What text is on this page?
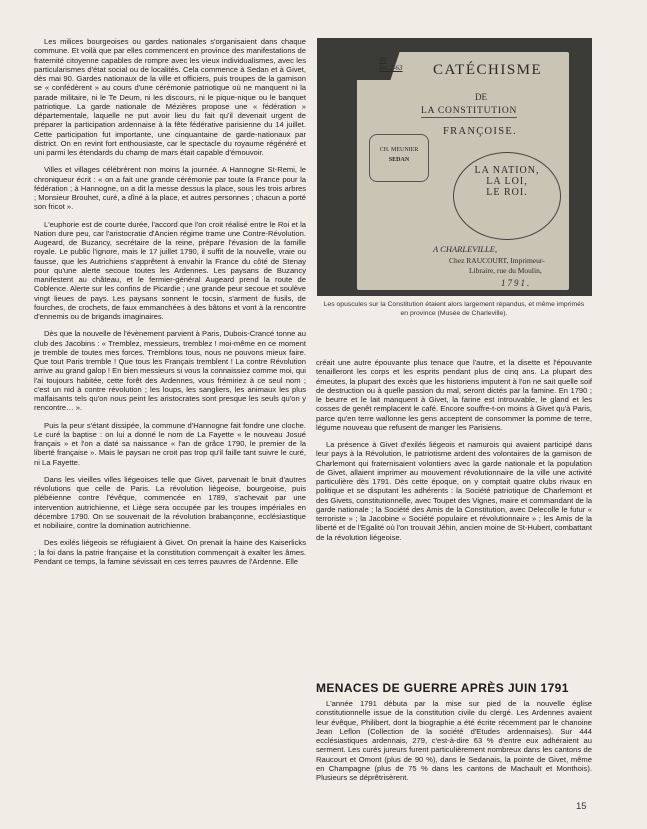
Les milices bourgeoises ou gardes nationales s'organisaient dans chaque commune. Et voilà que par elles commencent en province des manifestations de fraternité citoyenne capables de rompre avec les vieux individualismes, avec les particularismes d'état social ou de localités. Cela commence à Sedan et à Givet, dès mai 90. Gardes nationaux de la ville et officiers, puis troupes de la garnison se « confédèrent » au cours d'une cérémonie patriotique où ne manquent ni la parade militaire, ni le Te Deum, ni les discours, ni le pique-nique ou le banquet patriotique. La garde nationale de Mézières propose une « fédération » départementale, laquelle ne put avoir lieu du fait qu'il devenait urgent de préparer la participation ardennaise à la fête fédérative parisienne du 14 juillet. Cette participation fut importante, une cinquantaine de garde-nationaux par district. On en revint fort enthousiaste, car le spectacle du royaume régénéré et uni parmi les étendards du champ de mars était capable d'émouvoir.

Villes et villages célébrèrent non moins la journée. A Hannogne St-Remi, le chroniqueur écrit : « on a fait une grande cérémonie par toute la France pour la fédération ; à Hannogne, on a dit la messe dessus la place, sous les trois arbres ; Monsieur Brouhet, curé, a dîné à la place, et autres personnes ; chacun a porté son fricot ».

L'euphorie est de courte durée, l'accord que l'on croit réalisé entre le Roi et la Nation dure peu, car l'aristocratie d'Ancien régime trame une Contre-Révolution. Augeard, de Buzancy, secrétaire de la reine, prépare l'évasion de la famille royale. Le public l'ignore, mais le 17 juillet 1790, il suffit de la nouvelle, vraie ou fausse, que les Autrichiens s'apprêtent à envahir la France du côté de Stenay pour qu'une alerte secoue toutes les Ardennes. Les paysans de Buzancy manifestent au château, et le fermier-général Augeard prend la route de Coblence. Alerte sur les confins de Picardie ; une grande peur secoue et soulève vingt lieues de pays. Les paysans sonnent le tocsin, s'arment de fusils, de fourches, de crochets, de faux emmanchées à des bâtons et vont à la rencontre d'ennemis ou de brigands imaginaires.

Dès que la nouvelle de l'évènement parvient à Paris, Dubois-Crancé tonne au club des Jacobins : « Tremblez, messieurs, tremblez ! moi-même en ce moment je tremble de toutes mes forces. Tremblons tous, nous ne pouvons mieux faire. Que tout Paris tremble ! Que tous les Français tremblent ! La contre Révolution arrive au grand galop ! En bien messieurs si vous la connaissiez comme moi, qui l'ai toujours habitée, cette forêt des Ardennes, vous frémiriez à ce seul nom ; c'est un nid à contre révolution ; les loups, les sangliers, les animaux les plus malfaisants tels qu'on nous peint les aristocrates sont presque les seuls qu'on y rencontre… ».

Puis la peur s'étant dissipée, la commune d'Hannogne fait fondre une cloche. Le curé la baptise : on lui a donné le nom de La Fayette « le nouveau Josué français » et l'on a daté sa naissance « l'an de grâce 1790, le premier de la liberté française ». Mais le paysan ne croit pas trop qu'il faille tant suivre le curé, ni La Fayette.

Dans les vieilles villes liégeoises telle que Givet, parvenait le bruit d'autres révolutions que celle de Paris. La révolution liégeoise, bourgeoise, puis plébéienne contre l'évêque, commencée en 1789, s'achevait par une intervention autrichienne, et Liège sera occupée par les troupes impériales en décembre 1790. On se souvenait de la révolution brabançonne, ecclésiastique et nobiliaire, contre la domination autrichienne.

Des exilés liégeois se réfugiaient à Givet. On prenait la haine des Kaiserlicks ; la foi dans la patrie française et la constitution commençait à exalter les âmes. Pendant ce temps, la famine sévissait en ces terres pauvres de l'Ardenne. Elle

40
Inv 2-63 CATÉCHISME
DE
LA CONSTITUTION
FRANÇOISE.
CH. MEUNIER
SEDAN
LA NATION,
LA LOI,
LE ROI.
A CHARLEVILLE,
Chez RAUCOURT, Imprimeur-
Libraire, rue du Moulin,
1791.
Les opuscules sur la Constitution étaient alors largement répandus, et même imprimés en province (Musée de Charleville).

créait une autre épouvante plus tenace que l'autre, et la disette et l'épouvante tenailleront les corps et les esprits pendant plus de cinq ans. La plupart des émeutes, la plupart des excès que les historiens imputent à l'on ne sait quelle soif de destruction ou à quelle passion du mal, seront dictés par la famine. En 1790 ; le beurre et le lait manquent à Givet, la farine est introuvable, le gland et les cosses de genêt remplacent le café. Encore souffre-t-on moins à Givet qu'à Paris, parce qu'en terre wallonne les gens acceptent de consommer la pomme de terre, légume nouveau que refusent de manger les Parisiens.

La présence à Givet d'exilés liégeois et namurois qui avaient participé dans leur pays à la Révolution, le patriotisme ardent des volontaires de la garnison de Charlemont qui fraternisaient volontiers avec la garde nationale et la population de Givet, allaient imprimer au mouvement révolutionnaire de la ville une activité particulière dès 1791. Dès cette époque, on y comptait quatre clubs rivaux en politique et se disputant les adhérents : la Société patriotique de Charlemont et des Givets, constitutionnelle, avec Toupet des Vignes, maire et commandant de la garde nationale ; la Société des Amis de la Constitution, avec Delecolle le futur « terroriste » ; la Jacobine « Société populaire et révolutionnaire » ; les Amis de la liberté et de l'Egalité où l'on trouvait Jéhin, ancien moine de St-Hubert, combattant de la révolution liégeoise.

MENACES DE GUERRE APRÈS JUIN 1791

L'année 1791 débuta par la mise sur pied de la nouvelle église constitutionnelle issue de la constitution civile du clergé. Les Ardennes avaient leur évêque, Philibert, dont la biographie a été écrite récemment par le chanoine Jean Leflon (Collection de la société d'Etudes ardennaises). Sur 444 ecclésiastiques ardennais, 279, c'est-à-dire 63 % d'entre eux adhéraient au serment. Les curés jureurs furent particulièrement nombreux dans les cantons de Raucourt et Omont (plus de 90 %), dans le Sedanais, la pointe de Givet, même en Champagne (plus de 75 % dans les cantons de Machault et Monthois). Plusieurs se déprêtrisèrent.

15
